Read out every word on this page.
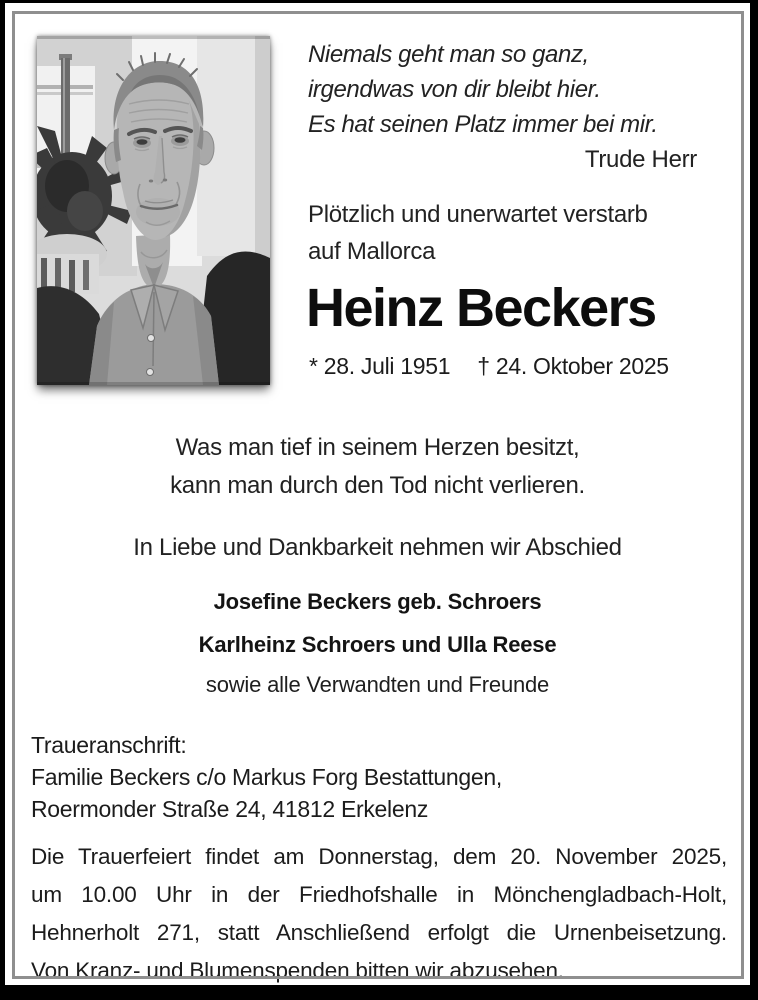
Niemals geht man so ganz,
irgendwas von dir bleibt hier.
Es hat seinen Platz immer bei mir.
Trude Herr
Plötzlich und unerwartet verstarb
auf Mallorca
Heinz Beckers
* 28. Juli 1951 † 24. Oktober 2025
Was man tief in seinem Herzen besitzt,
kann man durch den Tod nicht verlieren.
In Liebe und Dankbarkeit nehmen wir Abschied
Josefine Beckers geb. Schroers
Karlheinz Schroers und Ulla Reese
sowie alle Verwandten und Freunde
Traueranschrift:
Familie Beckers c/o Markus Forg Bestattungen,
Roermonder Straße 24, 41812 Erkelenz
Die Trauerfeiert findet am Donnerstag, dem 20. November 2025,
um 10.00 Uhr in der Friedhofshalle in Mönchengladbach-Holt,
Hehnerholt 271, statt Anschließend erfolgt die Urnenbeisetzung.
Von Kranz- und Blumenspenden bitten wir abzusehen.
